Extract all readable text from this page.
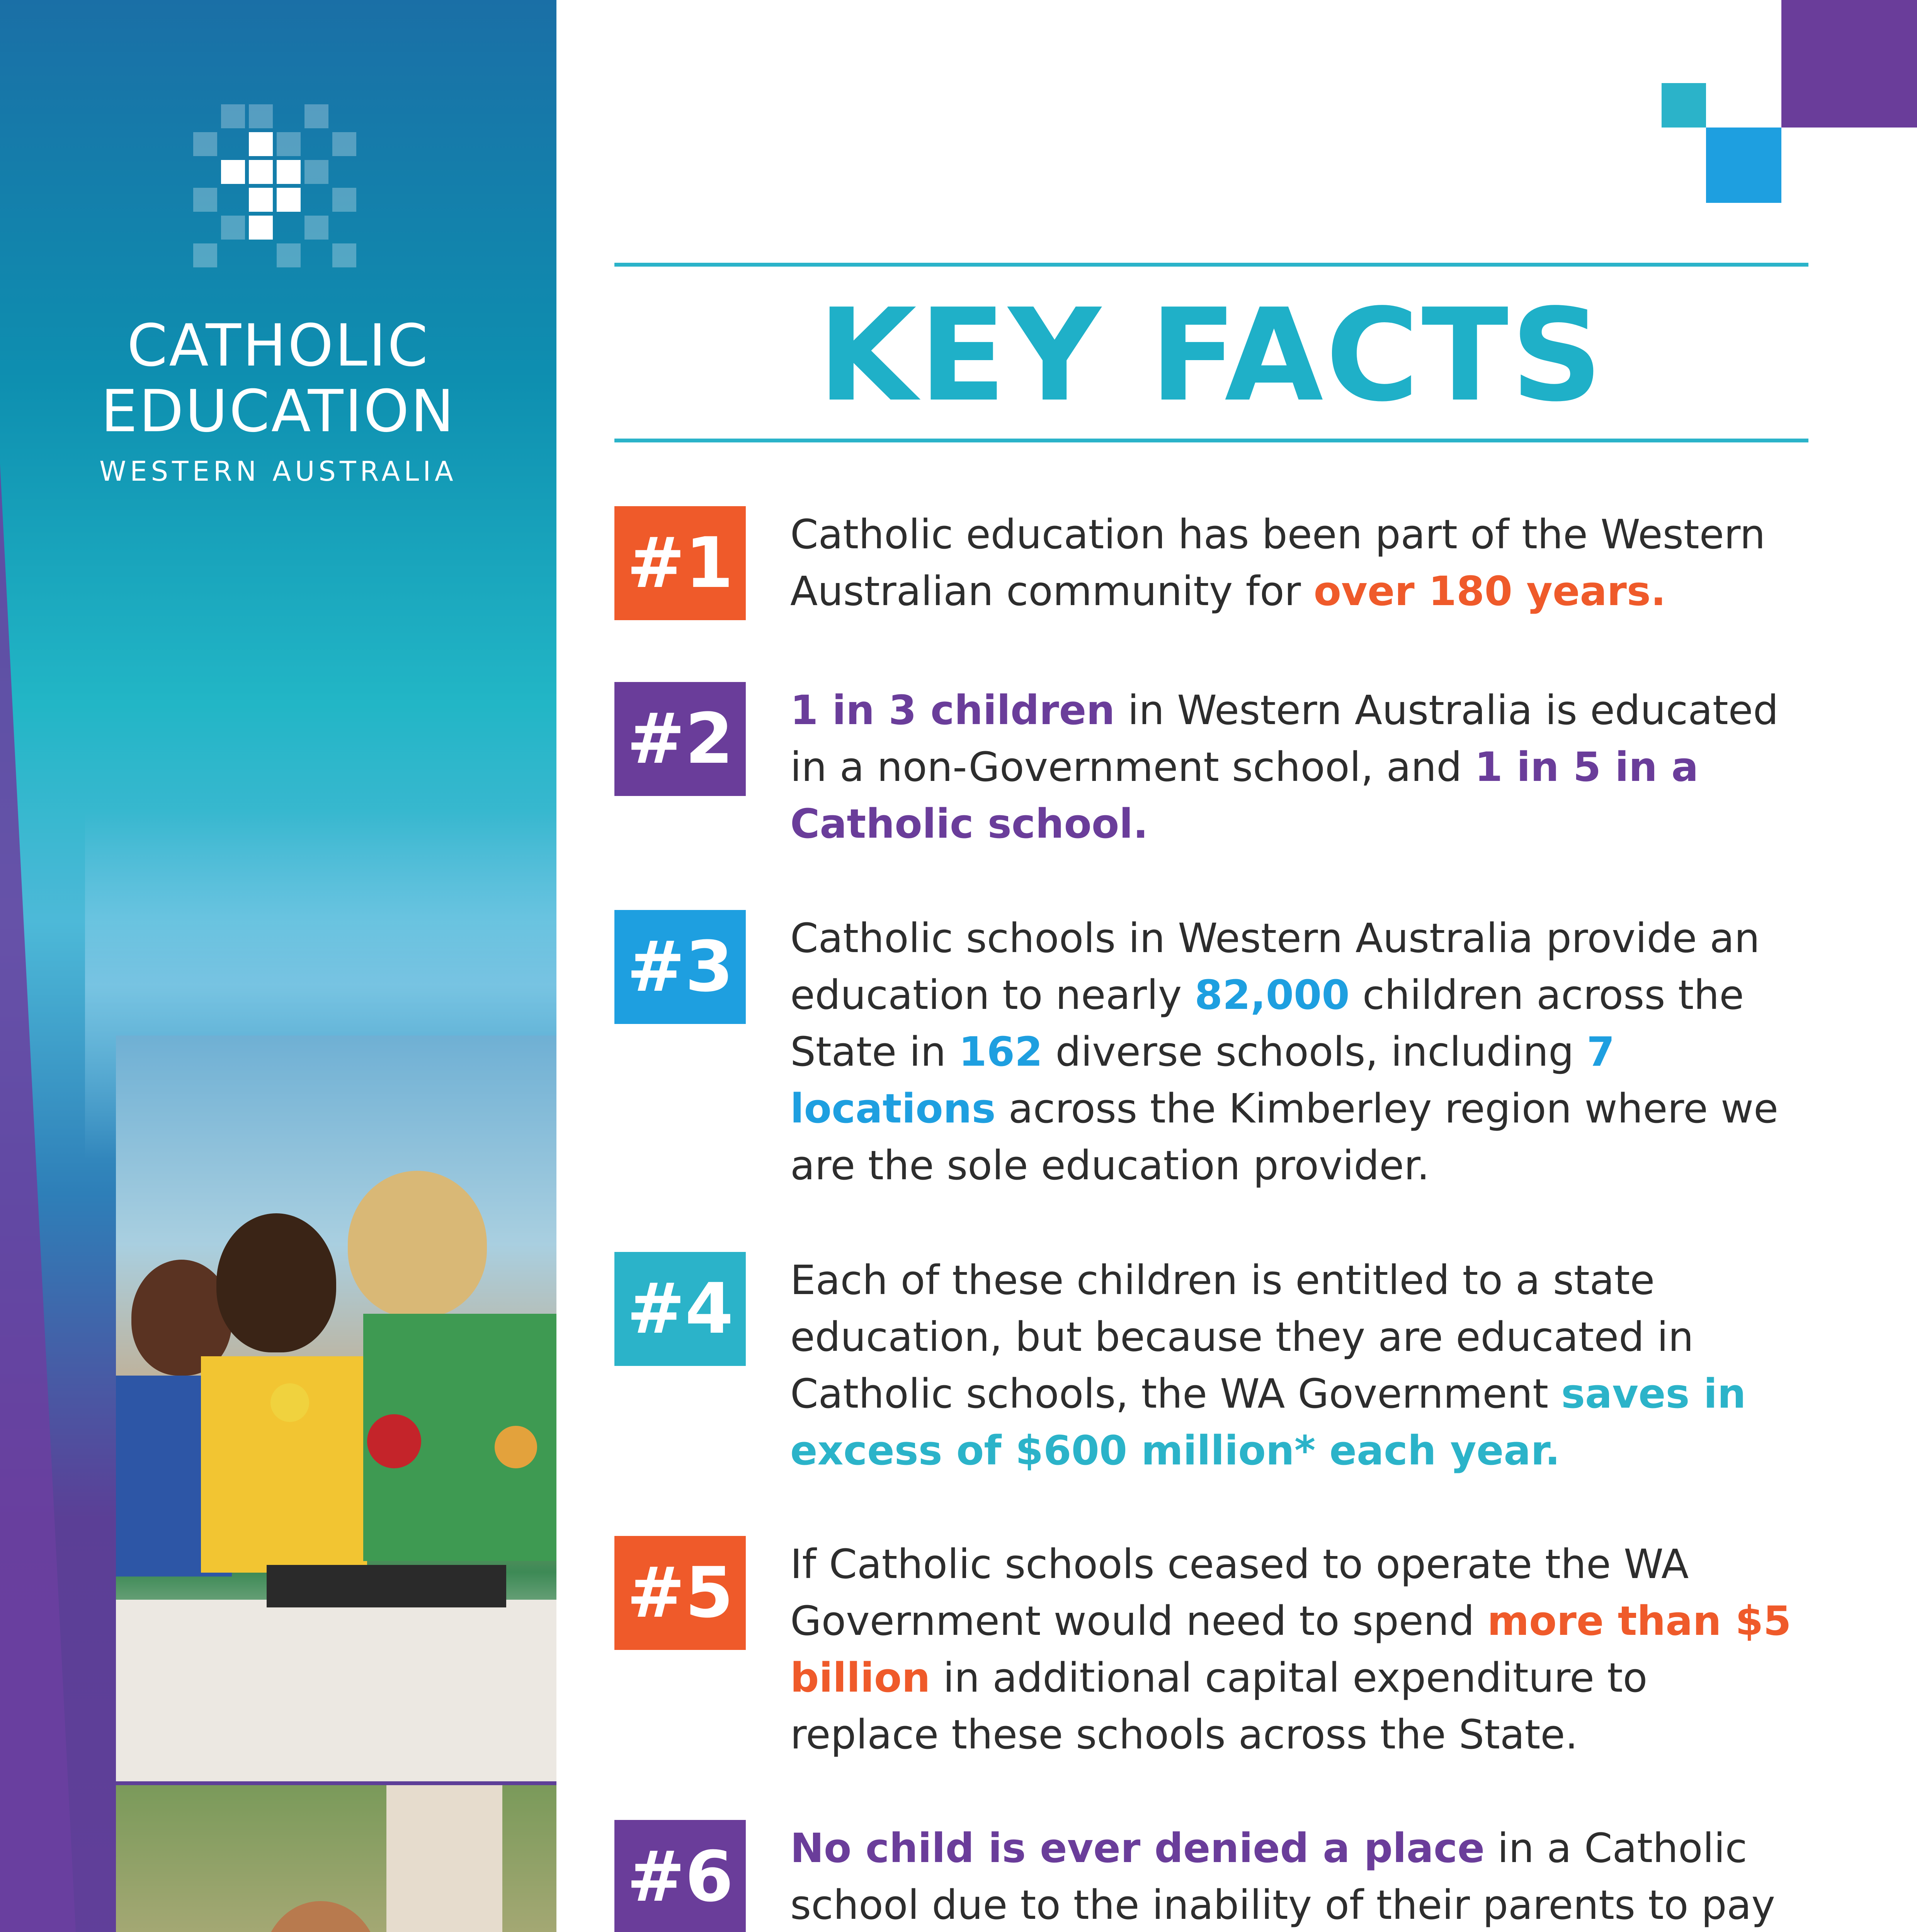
CATHOLIC
EDUCATION
WESTERN AUSTRALIA
KEY FACTS
#1	Catholic education has been part of the Western Australian community for over 180 years.
#2	1 in 3 children in Western Australia is educated in a non-Government school, and 1 in 5 in a Catholic school.
#3	Catholic schools in Western Australia provide an education to nearly 82,000 children across the State in 162 diverse schools, including 7 locations across the Kimberley region where we are the sole education provider.
#4	Each of these children is entitled to a state education, but because they are educated in Catholic schools, the WA Government saves in excess of $600 million* each year.
#5	If Catholic schools ceased to operate the WA Government would need to spend more than $5 billion in additional capital expenditure to replace these schools across the State.
#6	No child is ever denied a place in a Catholic school due to the inability of their parents to pay
